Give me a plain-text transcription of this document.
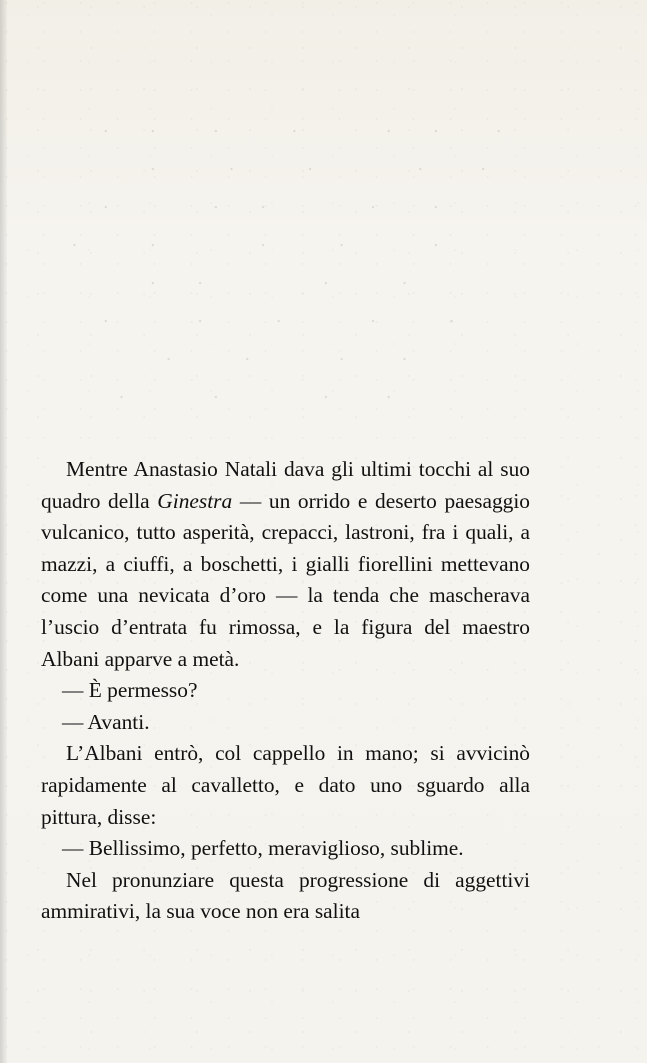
.  .   .    .     .  .   .
.    .    .      .   .
.      .  .      .   .
.    .      .    .     .
.  .       .    .
.     .    .     .    .
.    .     .   .
.     .      .   .

Mentre Anastasio Natali dava gli ultimi tocchi al suo quadro della Ginestra — un orrido e deserto paesaggio vulcanico, tutto asperità, crepacci, lastroni, fra i quali, a mazzi, a ciuffi, a boschetti, i gialli fiorellini mettevano come una nevicata d’oro — la tenda che mascherava l’uscio d’entrata fu rimossa, e la figura del maestro Albani apparve a metà.

— È permesso?

— Avanti.

L’Albani entrò, col cappello in mano; si avvicinò rapidamente al cavalletto, e dato uno sguardo alla pittura, disse:

— Bellissimo, perfetto, meraviglioso, sublime.

Nel pronunziare questa progressione di aggettivi ammirativi, la sua voce non era salita
